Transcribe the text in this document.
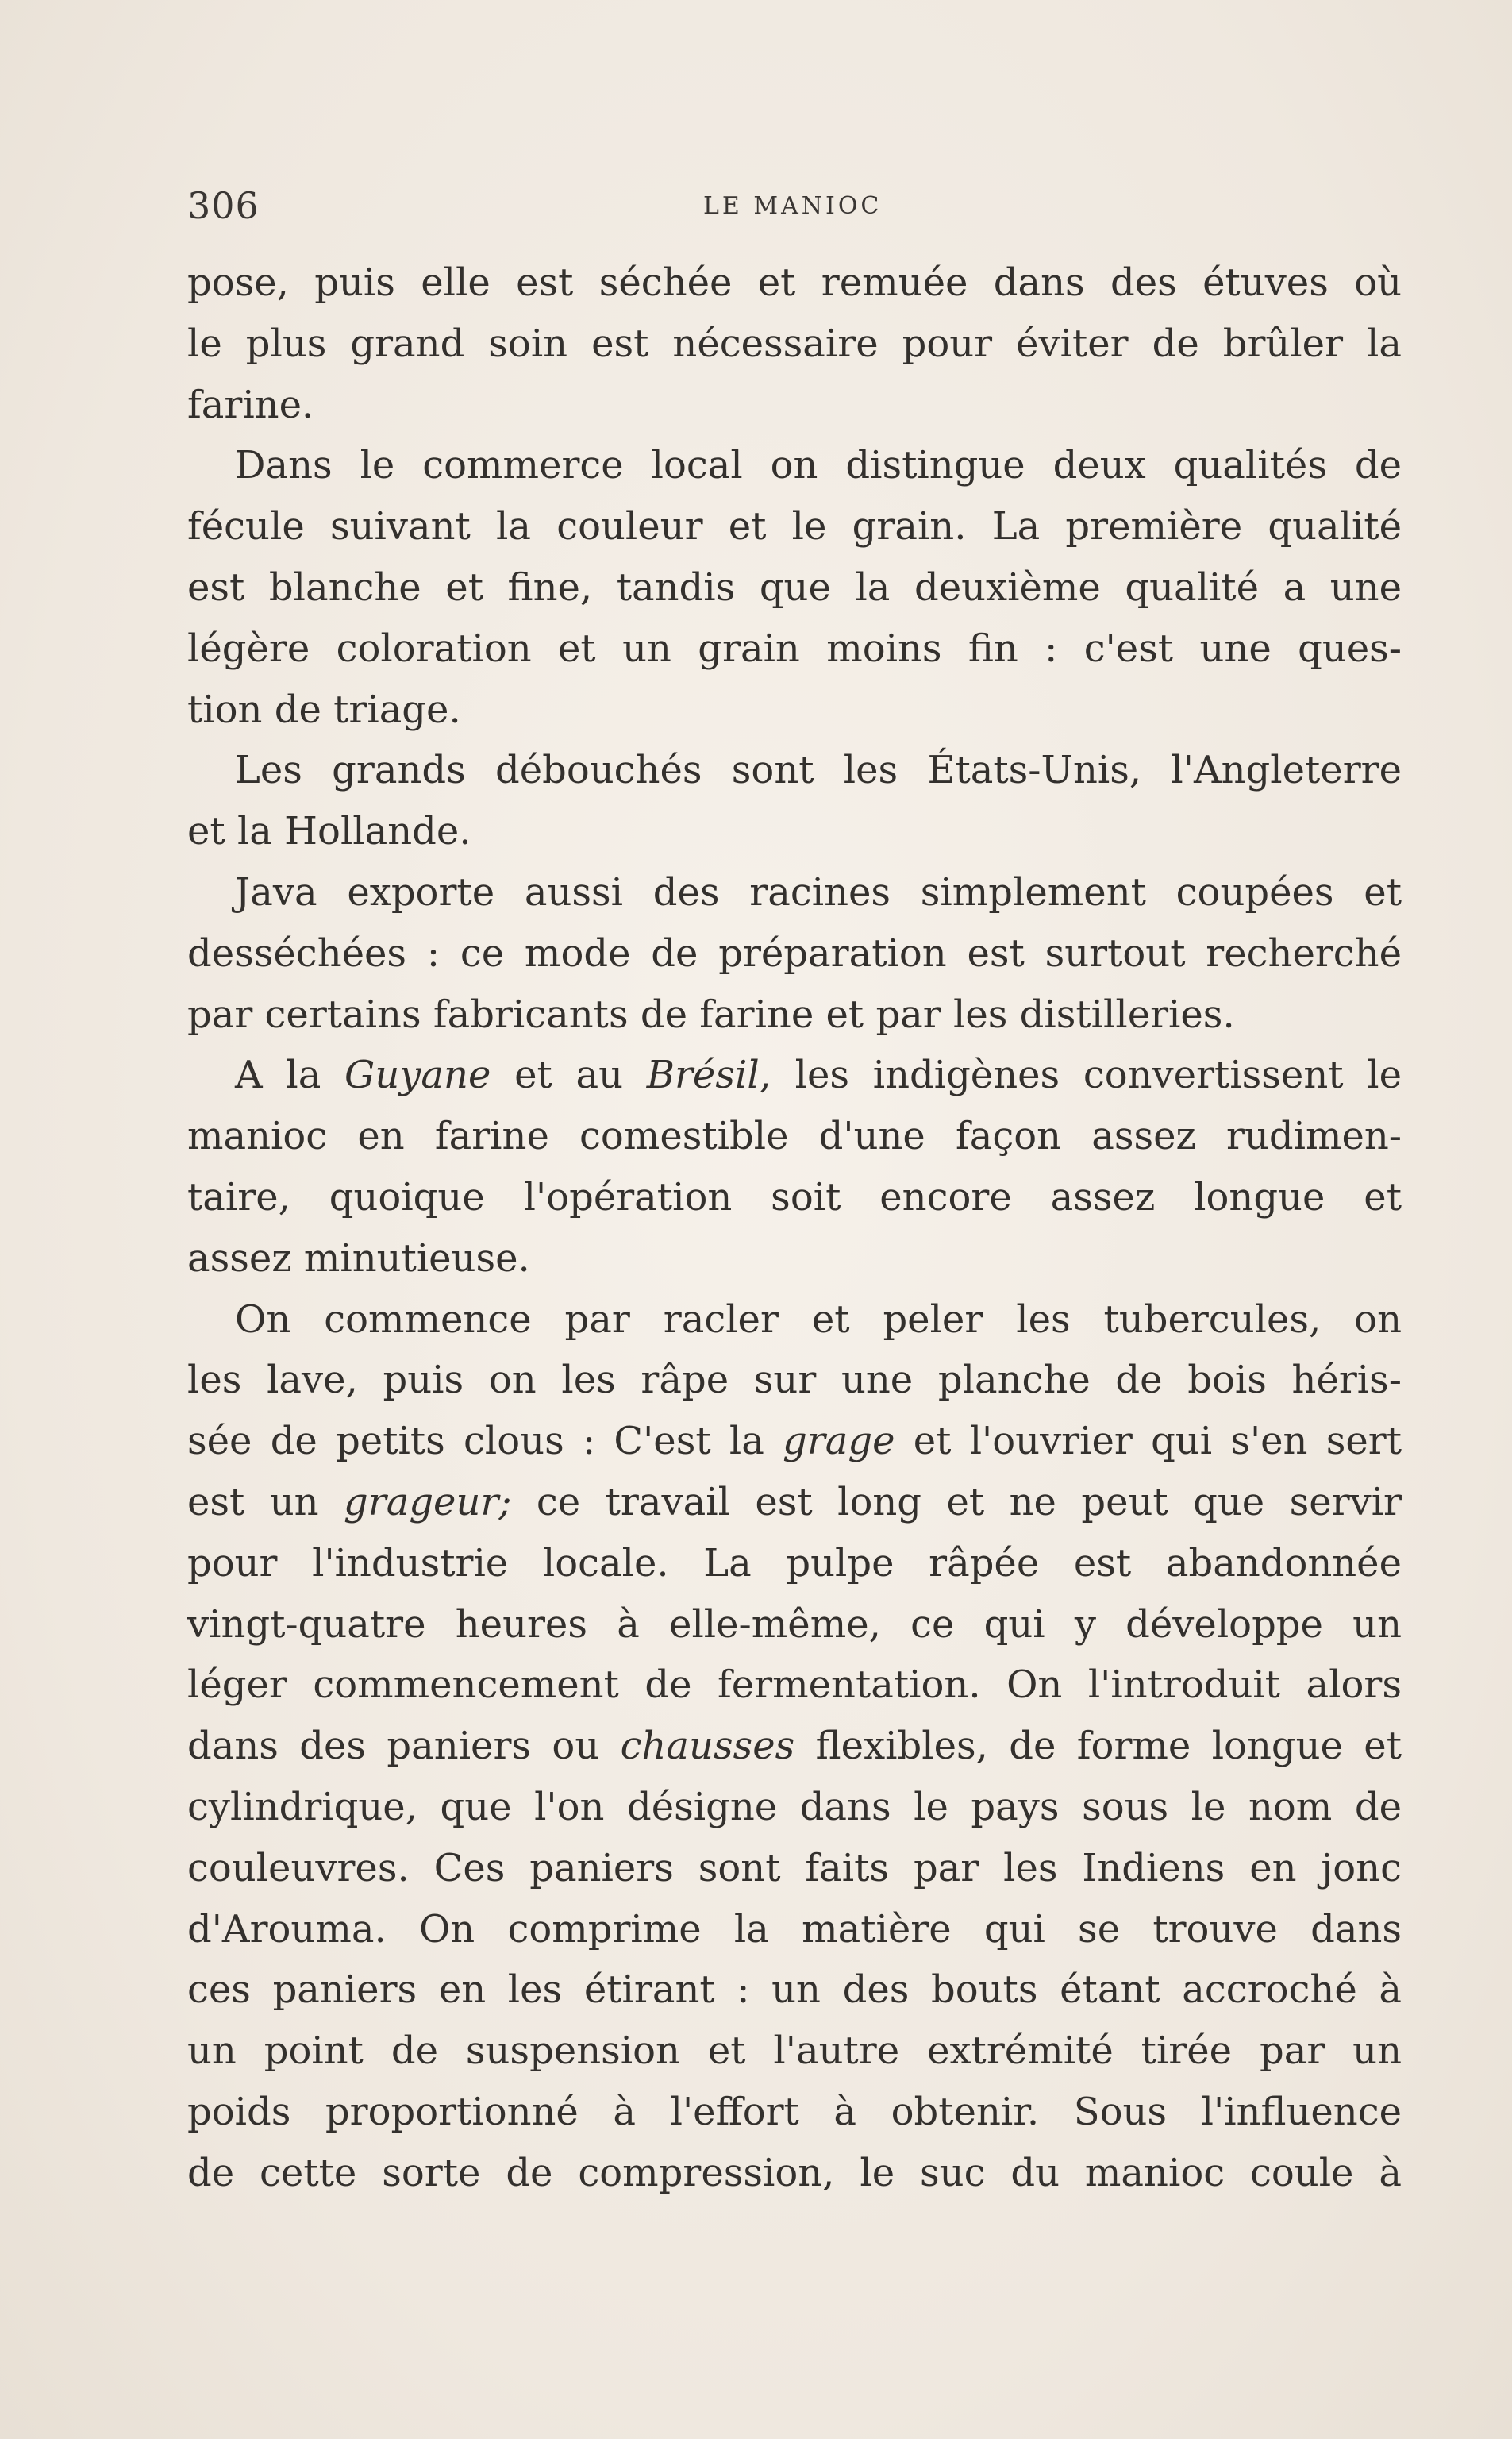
306	LE MANIOC
pose, puis elle est séchée et remuée dans des étuves où
le plus grand soin est nécessaire pour éviter de brûler la
farine.
Dans le commerce local on distingue deux qualités de
fécule suivant la couleur et le grain. La première qualité
est blanche et fine, tandis que la deuxième qualité a une
légère coloration et un grain moins fin : c'est une ques-
tion de triage.
Les grands débouchés sont les États-Unis, l'Angleterre
et la Hollande.
Java exporte aussi des racines simplement coupées et
desséchées : ce mode de préparation est surtout recherché
par certains fabricants de farine et par les distilleries.
A la Guyane et au Brésil, les indigènes convertissent le
manioc en farine comestible d'une façon assez rudimen-
taire, quoique l'opération soit encore assez longue et
assez minutieuse.
On commence par racler et peler les tubercules, on
les lave, puis on les râpe sur une planche de bois héris-
sée de petits clous : C'est la grage et l'ouvrier qui s'en sert
est un grageur; ce travail est long et ne peut que servir
pour l'industrie locale. La pulpe râpée est abandonnée
vingt-quatre heures à elle-même, ce qui y développe un
léger commencement de fermentation. On l'introduit alors
dans des paniers ou chausses flexibles, de forme longue et
cylindrique, que l'on désigne dans le pays sous le nom de
couleuvres. Ces paniers sont faits par les Indiens en jonc
d'Arouma. On comprime la matière qui se trouve dans
ces paniers en les étirant : un des bouts étant accroché à
un point de suspension et l'autre extrémité tirée par un
poids proportionné à l'effort à obtenir. Sous l'influence
de cette sorte de compression, le suc du manioc coule à
